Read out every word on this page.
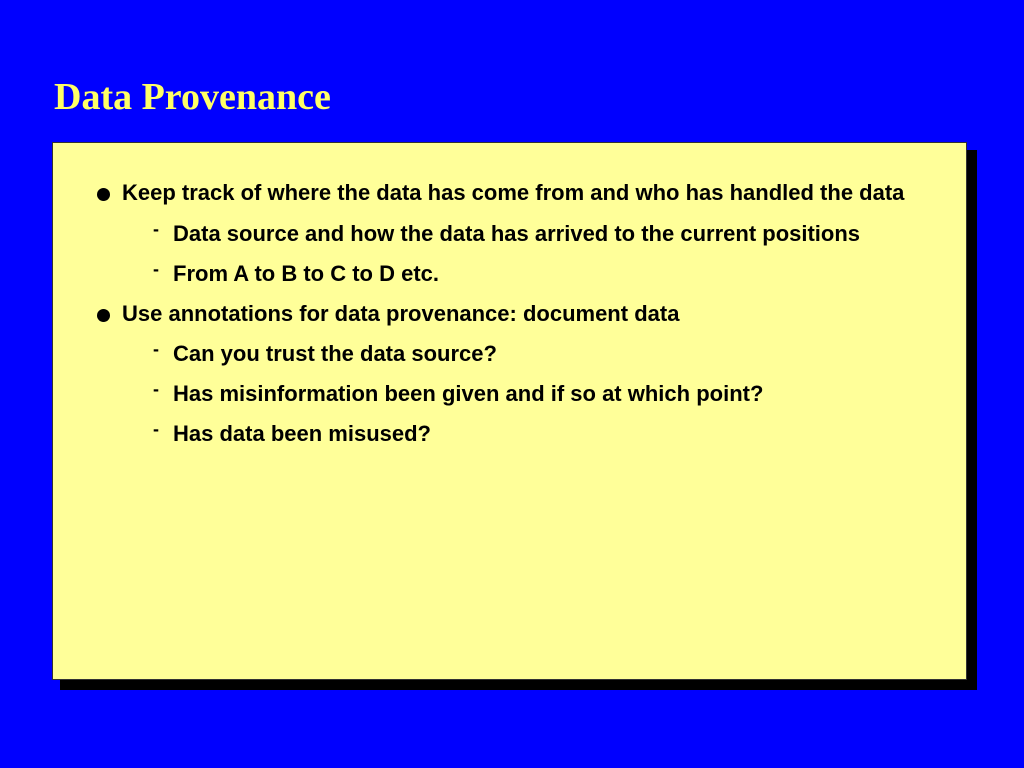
Data Provenance
Keep track of where the data has come from and who has handled the data
- Data source and how the data has arrived to the current positions
- From A to B to C to D etc.
Use annotations for data provenance: document data
- Can you trust the data source?
- Has misinformation been given and if so at which point?
- Has data been misused?
